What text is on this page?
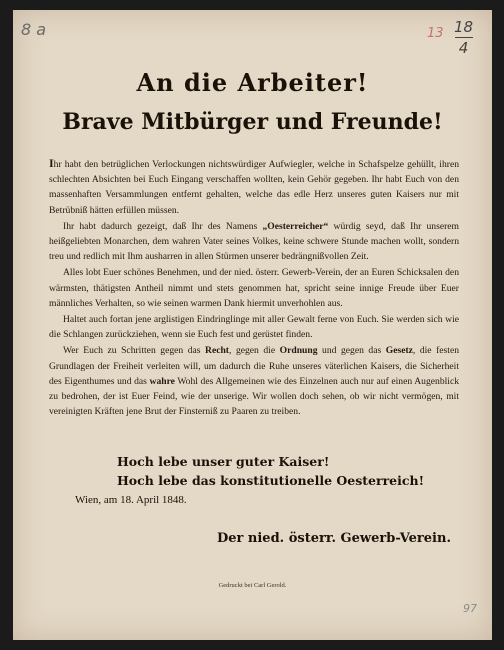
8 a	13 18
4
An die Arbeiter!
Brave Mitbürger und Freunde!

Ihr habt den betrüglichen Verlockungen nichtswürdiger Aufwiegler, welche in Schafspelze gehüllt, ihren schlechten Absichten bei Euch Eingang verschaffen wollten, kein Gehör gegeben. Ihr habt Euch von den massenhaften Versammlungen entfernt gehalten, welche das edle Herz unseres guten Kaisers nur mit Betrübniß hätten erfüllen müssen.

Ihr habt dadurch gezeigt, daß Ihr des Namens „Oesterreicher“ würdig seyd, daß Ihr unserem heißgeliebten Monarchen, dem wahren Vater seines Volkes, keine schwere Stunde machen wollt, sondern treu und redlich mit Ihm ausharren in allen Stürmen unserer bedrängnißvollen Zeit.

Alles lobt Euer schönes Benehmen, und der nied. österr. Gewerb-Verein, der an Euren Schicksalen den wärmsten, thätigsten Antheil nimmt und stets genommen hat, spricht seine innige Freude über Euer männliches Verhalten, so wie seinen warmen Dank hiermit unverhohlen aus.

Haltet auch fortan jene arglistigen Eindringlinge mit aller Gewalt ferne von Euch. Sie werden sich wie die Schlangen zurückziehen, wenn sie Euch fest und gerüstet finden.

Wer Euch zu Schritten gegen das Recht, gegen die Ordnung und gegen das Gesetz, die festen Grundlagen der Freiheit verleiten will, um dadurch die Ruhe unseres väterlichen Kaisers, die Sicherheit des Eigenthumes und das wahre Wohl des Allgemeinen wie des Einzelnen auch nur auf einen Augenblick zu bedrohen, der ist Euer Feind, wie der unserige. Wir wollen doch sehen, ob wir nicht vermögen, mit vereinigten Kräften jene Brut der Finsterniß zu Paaren zu treiben.

Hoch lebe unser guter Kaiser!
Hoch lebe das konstitutionelle Oesterreich!
Wien, am 18. April 1848.
Der nied. österr. Gewerb-Verein.
Gedruckt bei Carl Gerold.
97
